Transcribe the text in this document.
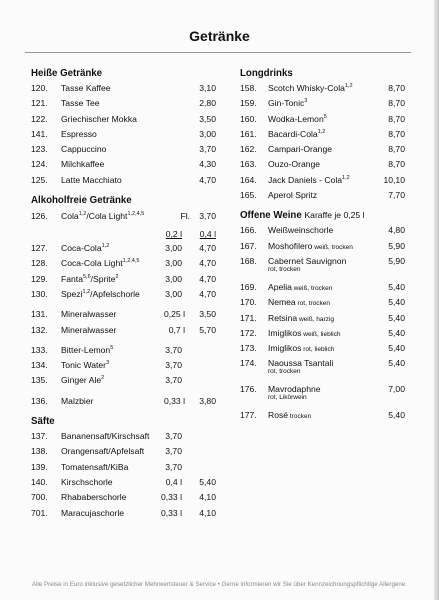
Getränke
Heiße Getränke
120. Tasse Kaffee	3,10
121. Tasse Tee	2,80
122. Griechischer Mokka	3,50
141. Espresso	3,00
123. Cappuccino	3,70
124. Milchkaffee	4,30
125. Latte Macchiato	4,70
Alkoholfreie Getränke
126. Cola$^{1,2}$/Cola Light$^{1,2,4,5}$	Fl. 3,70
0,2 l 0,4 l
127. Coca-Cola$^{1,2}$	3,00 4,70
128. Coca-Cola Light$^{1,2,4,5}$	3,00 4,70
129. Fanta$^{5,6}$/Sprite$^2$	3,00 4,70
130. Spezi$^{1,2}$/Apfelschorle	3,00 4,70
131. Mineralwasser	0,25 l 3,50
132. Mineralwasser	0,7 l 5,70
133. Bitter-Lemon$^5$	3,70
134. Tonic Water$^3$	3,70
135. Ginger Ale$^2$	3,70
136. Malzbier	0,33 l 3,80
Säfte
137. Bananensaft/Kirschsaft 3,70
138. Orangensaft/Apfelsaft 3,70
139. Tomatensaft/KiBa	3,70
140. Kirschschorle	0,4 l 5,40
700. Rhababerschorle	0,33 l 4,10
701. Maracujaschorle	0,33 l 4,10
Longdrinks
158. Scotch Whisky-Cola$^{1,2}$	8,70
159. Gin-Tonic$^3$	8,70
160. Wodka-Lemon$^5$	8,70
161. Bacardi-Cola$^{1,2}$	8,70
162. Campari-Orange	8,70
163. Ouzo-Orange	8,70
164. Jack Daniels - Cola$^{1,2}$	10,10
165. Aperol Spritz	7,70
Offene Weine Karaffe je 0,25 l
166. Weißweinschorle	4,80
167. Moshofilero weiß, trocken	5,90
168. Cabernet Sauvignon
rot, trocken
5,90
169. Apelia weiß, trocken	5,40
170. Nemea rot, trocken	5,40
171. Retsina weiß, harzig	5,40
172. Imiglikos weiß, lieblich	5,40
173. Imiglikos rot, lieblich	5,40
174. Naoussa Tsantali
rot, trocken
5,40
176. Mavrodaphne
rot, Likörwein
7,00
177. Rosé trocken	5,40
Alle Preise in Euro inklusive gesetzlicher Mehrwertsteuer & Service • Gerne informieren wir Sie über Kennzeichnungspflichtige Allergene.
